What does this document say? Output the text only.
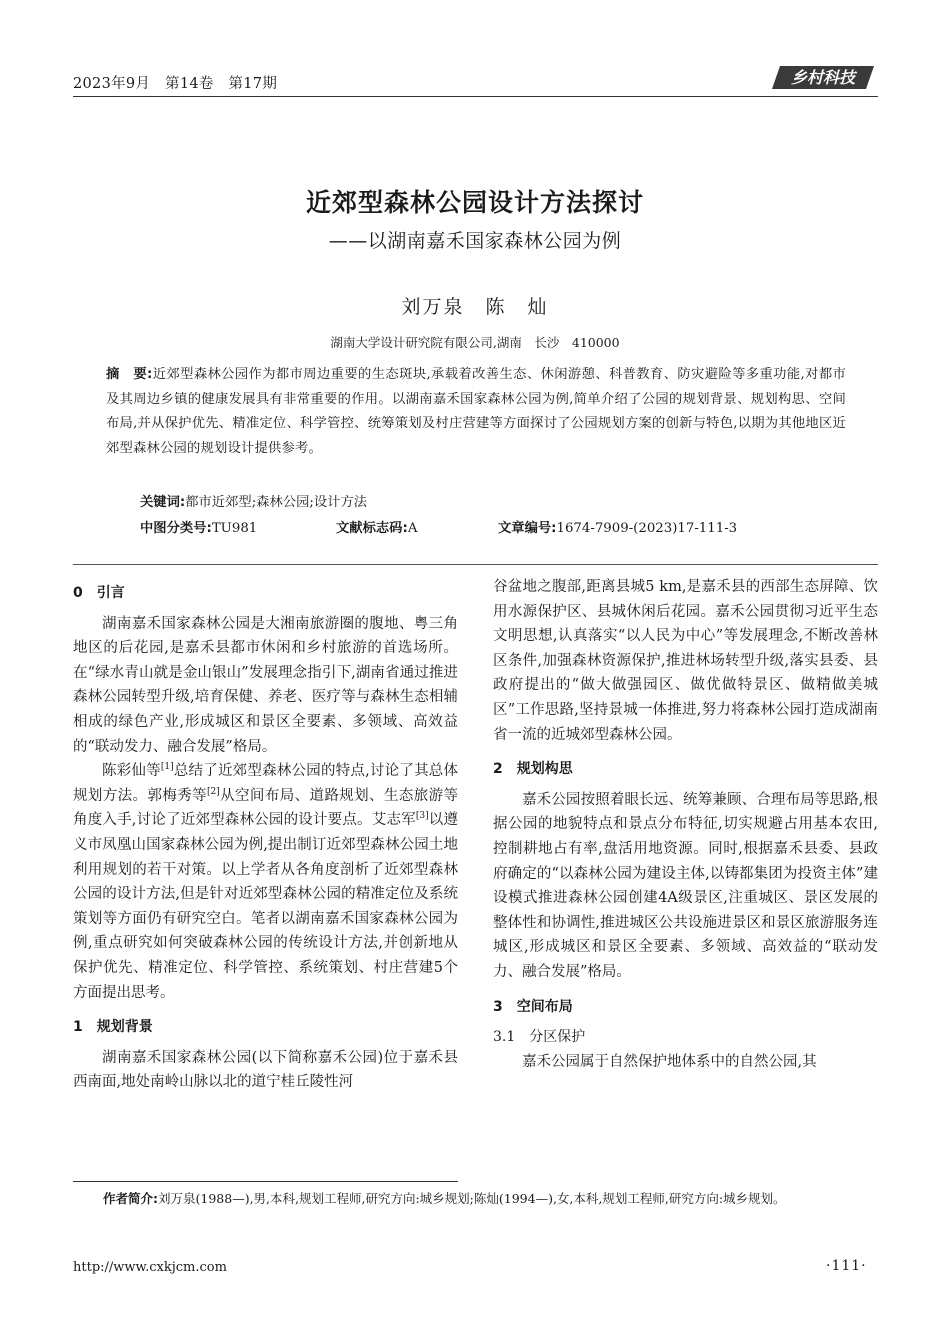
2023年9月　第14卷　第17期	乡村科技
近郊型森林公园设计方法探讨
——以湖南嘉禾国家森林公园为例
刘万泉　陈　灿
湖南大学设计研究院有限公司,湖南　长沙　410000
摘　要:近郊型森林公园作为都市周边重要的生态斑块,承载着改善生态、休闲游憩、科普教育、防灾避险等多重功能,对都市及其周边乡镇的健康发展具有非常重要的作用。以湖南嘉禾国家森林公园为例,简单介绍了公园的规划背景、规划构思、空间布局,并从保护优先、精准定位、科学管控、统筹策划及村庄营建等方面探讨了公园规划方案的创新与特色,以期为其他地区近郊型森林公园的规划设计提供参考。
关键词:都市近郊型;森林公园;设计方法
中图分类号:TU981	文献标志码:A	文章编号:1674-7909-(2023)17-111-3
0　引言

湖南嘉禾国家森林公园是大湘南旅游圈的腹地、粤三角地区的后花园,是嘉禾县都市休闲和乡村旅游的首选场所。在“绿水青山就是金山银山”发展理念指引下,湖南省通过推进森林公园转型升级,培育保健、养老、医疗等与森林生态相辅相成的绿色产业,形成城区和景区全要素、多领域、高效益的“联动发力、融合发展”格局。

陈彩仙等[1]总结了近郊型森林公园的特点,讨论了其总体规划方法。郭梅秀等[2]从空间布局、道路规划、生态旅游等角度入手,讨论了近郊型森林公园的设计要点。艾志军[3]以遵义市凤凰山国家森林公园为例,提出制订近郊型森林公园土地利用规划的若干对策。以上学者从各角度剖析了近郊型森林公园的设计方法,但是针对近郊型森林公园的精准定位及系统策划等方面仍有研究空白。笔者以湖南嘉禾国家森林公园为例,重点研究如何突破森林公园的传统设计方法,并创新地从保护优先、精准定位、科学管控、系统策划、村庄营建5个方面提出思考。

1　规划背景

湖南嘉禾国家森林公园(以下简称嘉禾公园)位于嘉禾县西南面,地处南岭山脉以北的道宁桂丘陵性河

谷盆地之腹部,距离县城5 km,是嘉禾县的西部生态屏障、饮用水源保护区、县城休闲后花园。嘉禾公园贯彻习近平生态文明思想,认真落实“以人民为中心”等发展理念,不断改善林区条件,加强森林资源保护,推进林场转型升级,落实县委、县政府提出的“做大做强园区、做优做特景区、做精做美城区”工作思路,坚持景城一体推进,努力将森林公园打造成湖南省一流的近城郊型森林公园。

2　规划构思

嘉禾公园按照着眼长远、统筹兼顾、合理布局等思路,根据公园的地貌特点和景点分布特征,切实规避占用基本农田,控制耕地占有率,盘活用地资源。同时,根据嘉禾县委、县政府确定的“以森林公园为建设主体,以铸都集团为投资主体”建设模式推进森林公园创建4A级景区,注重城区、景区发展的整体性和协调性,推进城区公共设施进景区和景区旅游服务连城区,形成城区和景区全要素、多领域、高效益的“联动发力、融合发展”格局。

3　空间布局
3.1　分区保护

嘉禾公园属于自然保护地体系中的自然公园,其

作者简介:刘万泉(1988—),男,本科,规划工程师,研究方向:城乡规划;陈灿(1994—),女,本科,规划工程师,研究方向:城乡规划。
http://www.cxkjcm.com	·111·
